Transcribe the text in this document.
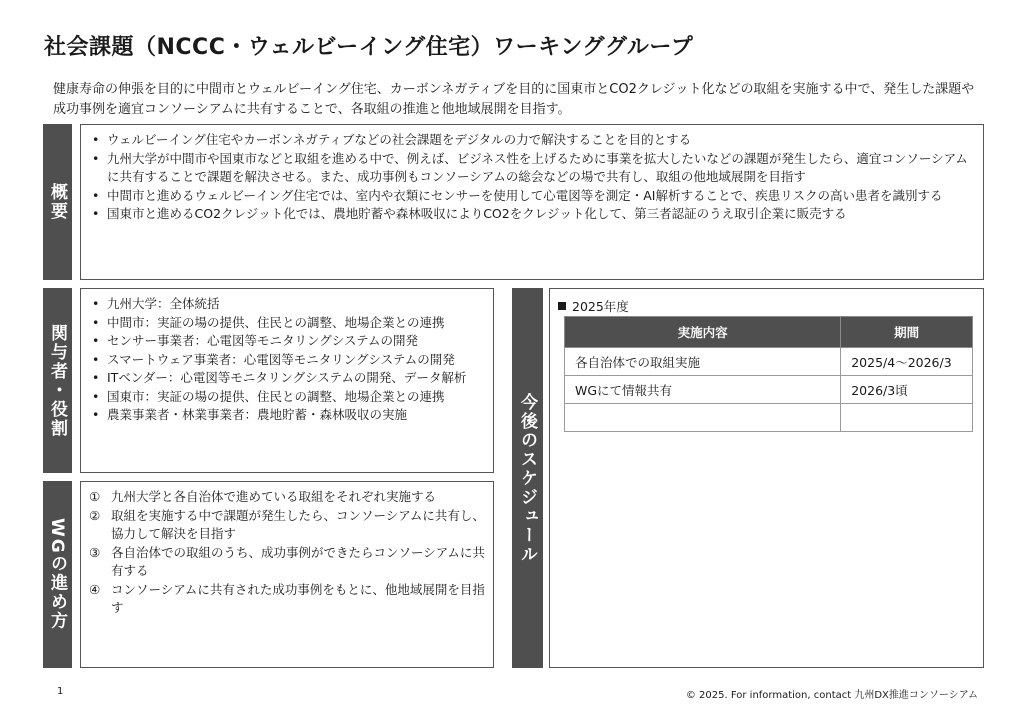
社会課題（NCCC・ウェルビーイング住宅）ワーキンググループ
健康寿命の伸張を目的に中間市とウェルビーイング住宅、カーボンネガティブを目的に国東市とCO2クレジット化などの取組を実施する中で、発生した課題や成功事例を適宜コンソーシアムに共有することで、各取組の推進と他地域展開を目指す。
概要
• ウェルビーイング住宅やカーボンネガティブなどの社会課題をデジタルの力で解決することを目的とする
• 九州大学が中間市や国東市などと取組を進める中で、例えば、ビジネス性を上げるために事業を拡大したいなどの課題が発生したら、適宜コンソーシアムに共有することで課題を解決させる。また、成功事例もコンソーシアムの総会などの場で共有し、取組の他地域展開を目指す
• 中間市と進めるウェルビーイング住宅では、室内や衣類にセンサーを使用して心電図等を測定・AI解析することで、疾患リスクの高い患者を識別する
• 国東市と進めるCO2クレジット化では、農地貯蓄や森林吸収によりCO2をクレジット化して、第三者認証のうえ取引企業に販売する
関与者・役割
• 九州大学：全体統括
• 中間市：実証の場の提供、住民との調整、地場企業との連携
• センサー事業者：心電図等モニタリングシステムの開発
• スマートウェア事業者：心電図等モニタリングシステムの開発
• ITベンダー：心電図等モニタリングシステムの開発、データ解析
• 国東市：実証の場の提供、住民との調整、地場企業との連携
• 農業事業者・林業事業者：農地貯蓄・森林吸収の実施
WGの進め方
① 九州大学と各自治体で進めている取組をそれぞれ実施する
② 取組を実施する中で課題が発生したら、コンソーシアムに共有し、協力して解決を目指す
③ 各自治体での取組のうち、成功事例ができたらコンソーシアムに共有する
④ コンソーシアムに共有された成功事例をもとに、他地域展開を目指す
今後のスケジュール
2025年度
実施内容	期間
各自治体での取組実施	2025/4～2026/3
WGにて情報共有	2026/3頃

1	© 2025. For information, contact 九州DX推進コンソーシアム
